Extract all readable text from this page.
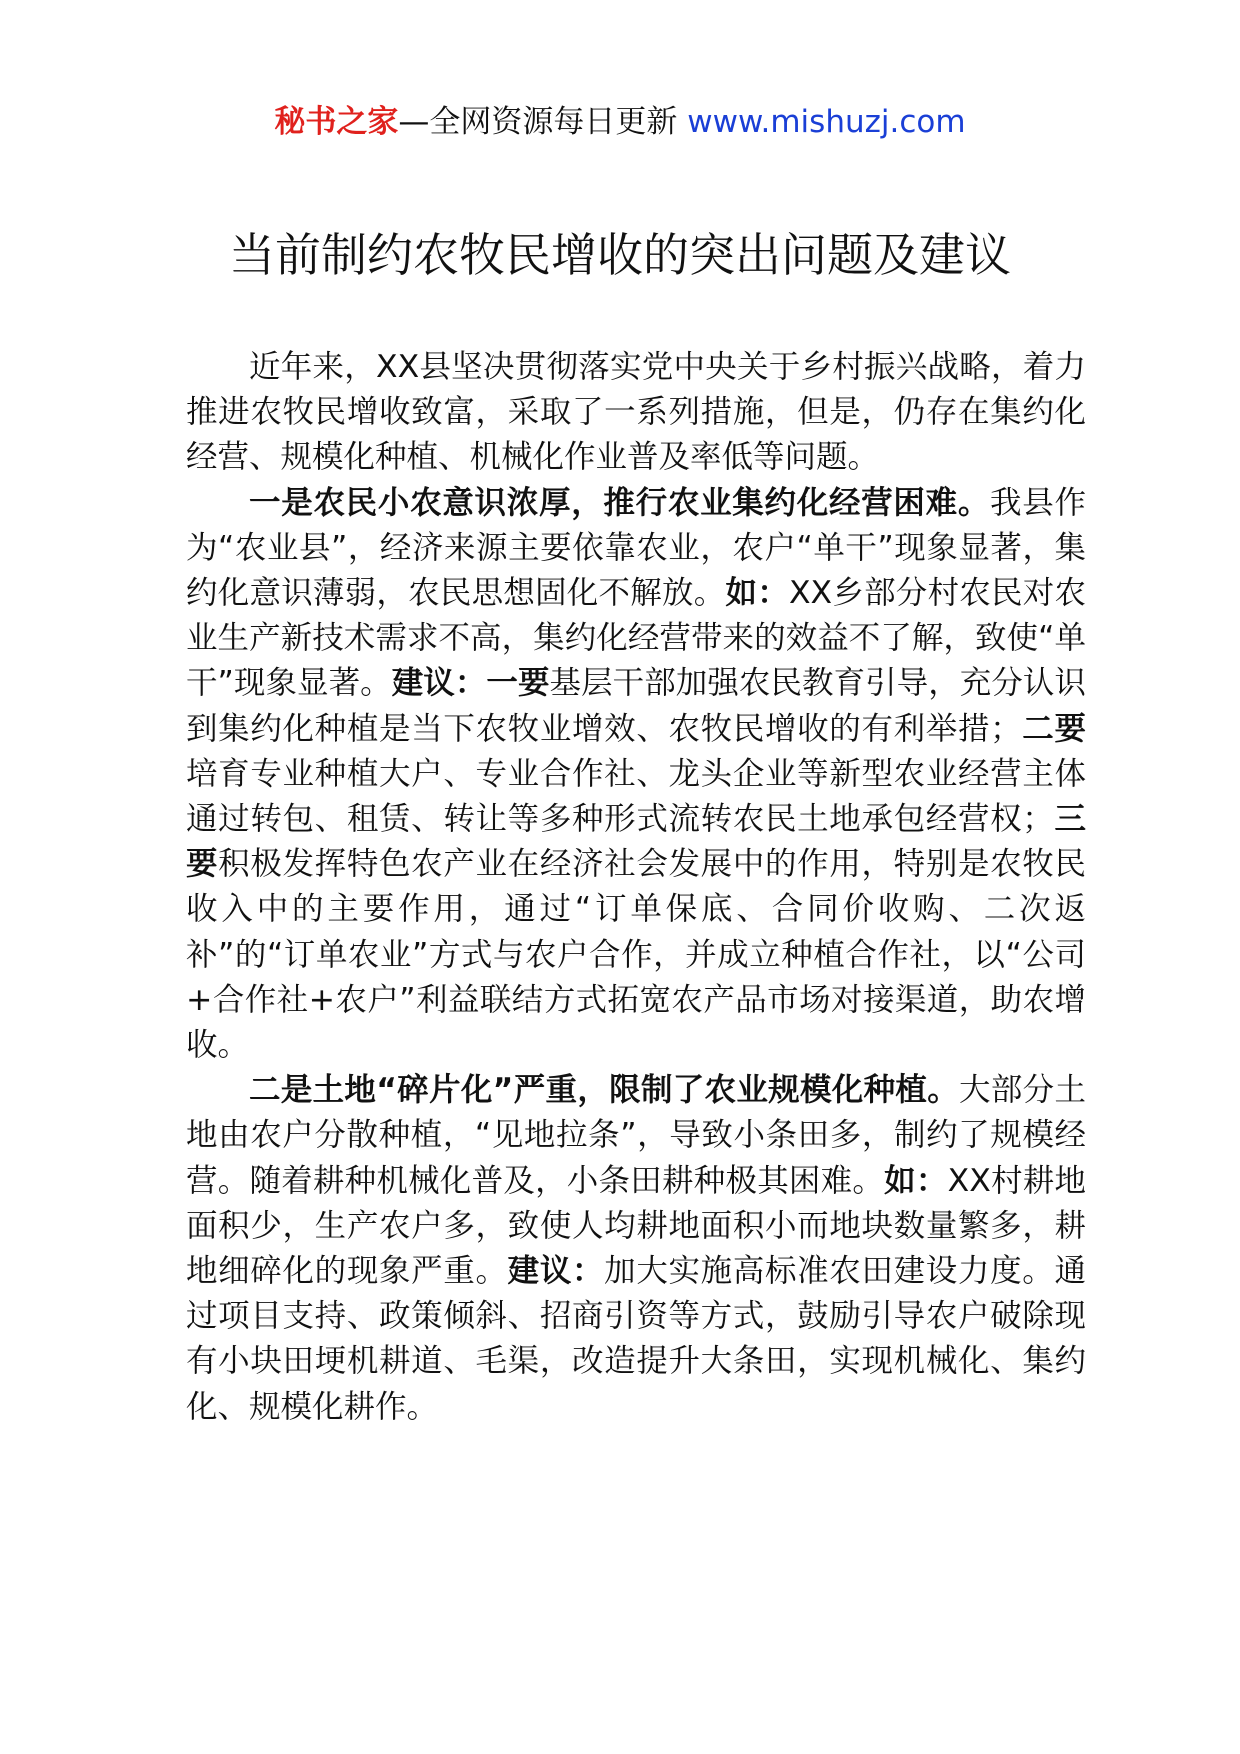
秘书之家—全网资源每日更新 www.mishuzj.com
当前制约农牧民增收的突出问题及建议

近年来，XX县坚决贯彻落实党中央关于乡村振兴战略，着力推进农牧民增收致富，采取了一系列措施，但是，仍存在集约化经营、规模化种植、机械化作业普及率低等问题。

一是农民小农意识浓厚，推行农业集约化经营困难。我县作为“农业县”，经济来源主要依靠农业，农户“单干”现象显著，集约化意识薄弱，农民思想固化不解放。如：XX乡部分村农民对农业生产新技术需求不高，集约化经营带来的效益不了解，致使“单干”现象显著。建议：一要基层干部加强农民教育引导，充分认识到集约化种植是当下农牧业增效、农牧民增收的有利举措；二要培育专业种植大户、专业合作社、龙头企业等新型农业经营主体通过转包、租赁、转让等多种形式流转农民土地承包经营权；三要积极发挥特色农产业在经济社会发展中的作用，特别是农牧民收入中的主要作用，通过“订单保底、合同价收购、二次返补”的“订单农业”方式与农户合作，并成立种植合作社，以“公司+合作社+农户”利益联结方式拓宽农产品市场对接渠道，助农增收。

二是土地“碎片化”严重，限制了农业规模化种植。大部分土地由农户分散种植，“见地拉条”，导致小条田多，制约了规模经营。随着耕种机械化普及，小条田耕种极其困难。如：XX村耕地面积少，生产农户多，致使人均耕地面积小而地块数量繁多，耕地细碎化的现象严重。建议：加大实施高标准农田建设力度。通过项目支持、政策倾斜、招商引资等方式，鼓励引导农户破除现有小块田埂机耕道、毛渠，改造提升大条田，实现机械化、集约化、规模化耕作。
